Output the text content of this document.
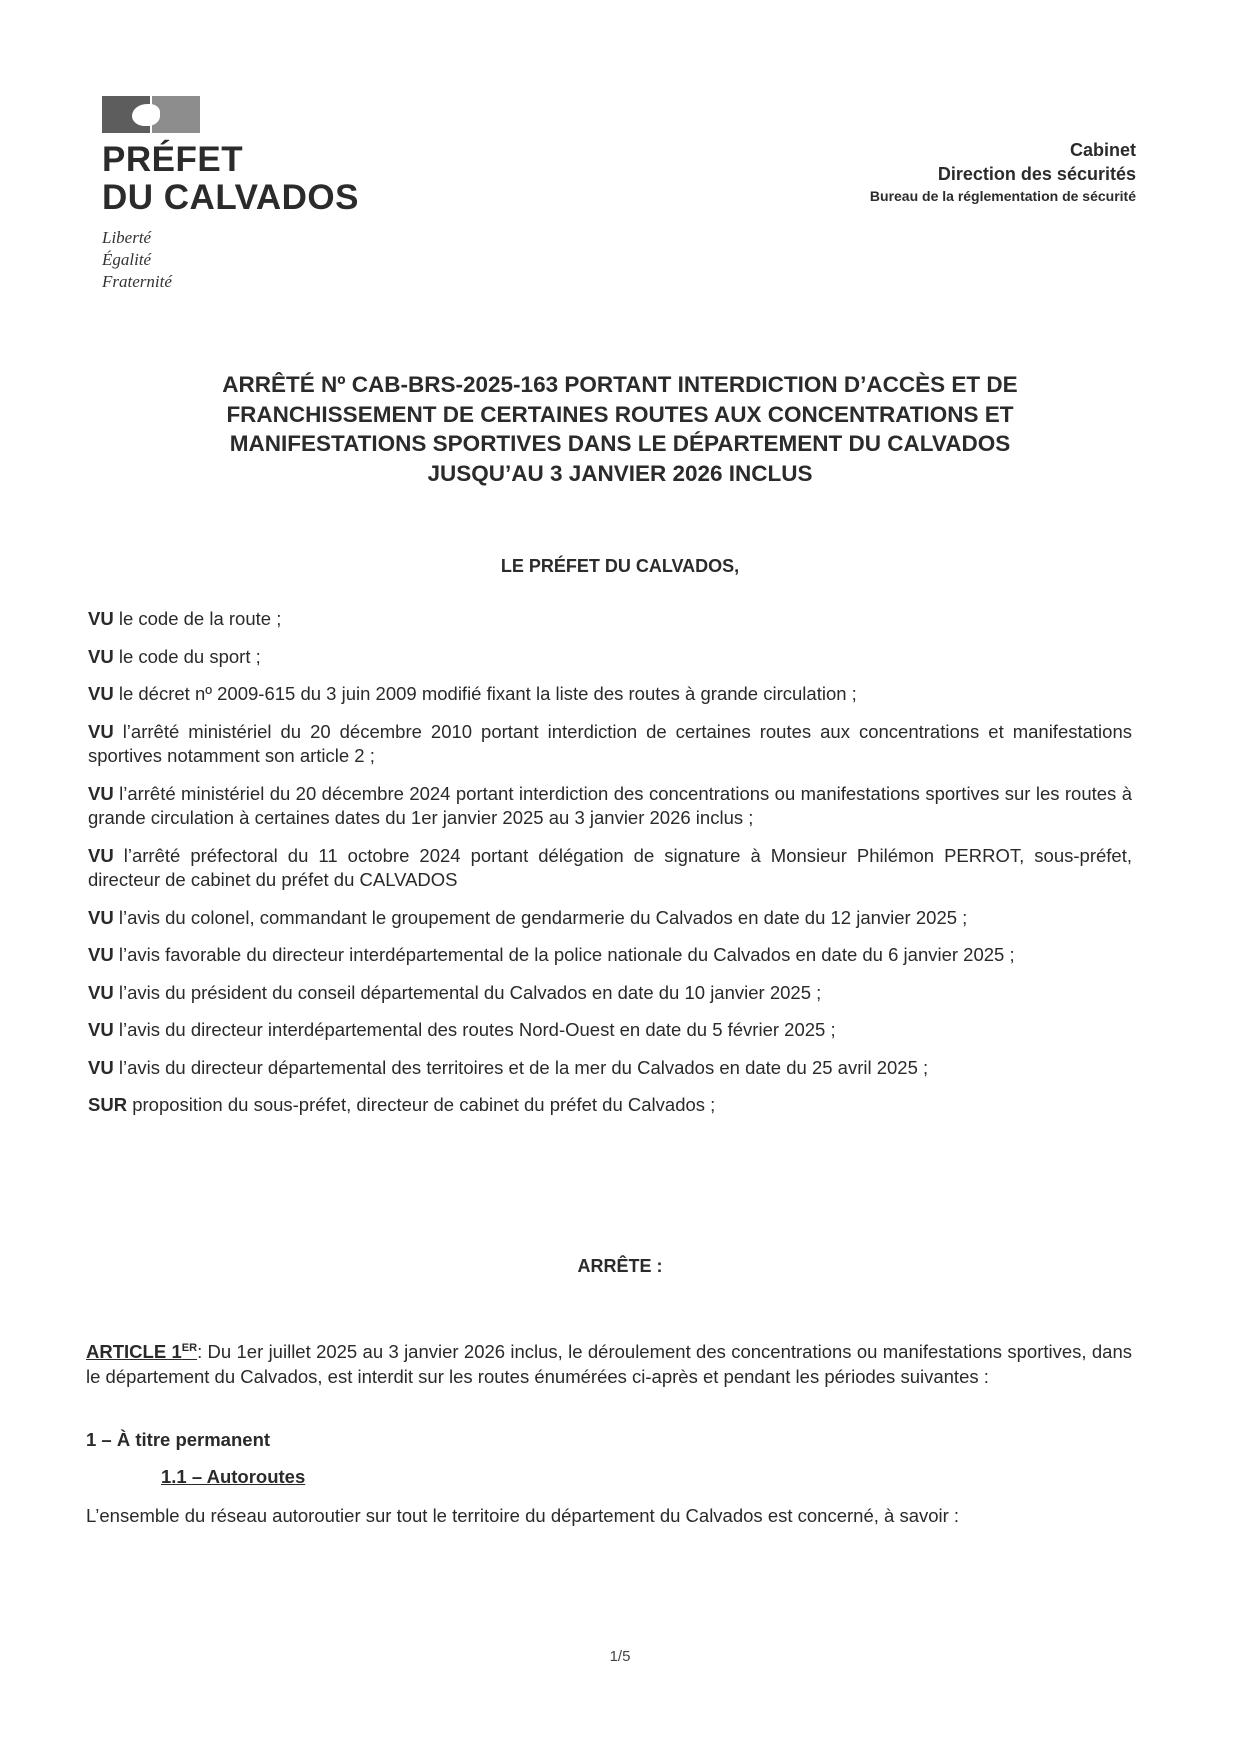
PRÉFET
DU CALVADOS
Liberté
Égalité
Fraternité
Cabinet
Direction des sécurités
Bureau de la réglementation de sécurité
ARRÊTÉ Nº CAB-BRS-2025-163 PORTANT INTERDICTION D’ACCÈS ET DE
FRANCHISSEMENT DE CERTAINES ROUTES AUX CONCENTRATIONS ET
MANIFESTATIONS SPORTIVES DANS LE DÉPARTEMENT DU CALVADOS
JUSQU’AU 3 JANVIER 2026 INCLUS
LE PRÉFET DU CALVADOS,
VU le code de la route ;
VU le code du sport ;
VU le décret nº 2009-615 du 3 juin 2009 modifié fixant la liste des routes à grande circulation ;
VU l’arrêté ministériel du 20 décembre 2010 portant interdiction de certaines routes aux concentrations et manifestations sportives notamment son article 2 ;
VU l’arrêté ministériel du 20 décembre 2024 portant interdiction des concentrations ou manifestations sportives sur les routes à grande circulation à certaines dates du 1er janvier 2025 au 3 janvier 2026 inclus ;
VU l’arrêté préfectoral du 11 octobre 2024 portant délégation de signature à Monsieur Philémon PERROT, sous-préfet, directeur de cabinet du préfet du CALVADOS
VU l’avis du colonel, commandant le groupement de gendarmerie du Calvados en date du 12 janvier 2025 ;
VU l’avis favorable du directeur interdépartemental de la police nationale du Calvados en date du 6 janvier 2025 ;
VU l’avis du président du conseil départemental du Calvados en date du 10 janvier 2025 ;
VU l’avis du directeur interdépartemental des routes Nord-Ouest en date du 5 février 2025 ;
VU l’avis du directeur départemental des territoires et de la mer du Calvados en date du 25 avril 2025 ;
SUR proposition du sous-préfet, directeur de cabinet du préfet du Calvados ;
ARRÊTE :
ARTICLE 1ER: Du 1er juillet 2025 au 3 janvier 2026 inclus, le déroulement des concentrations ou manifestations sportives, dans le département du Calvados, est interdit sur les routes énumérées ci-après et pendant les périodes suivantes :
1 – À titre permanent
1.1 – Autoroutes
L’ensemble du réseau autoroutier sur tout le territoire du département du Calvados est concerné, à savoir :
1/5
